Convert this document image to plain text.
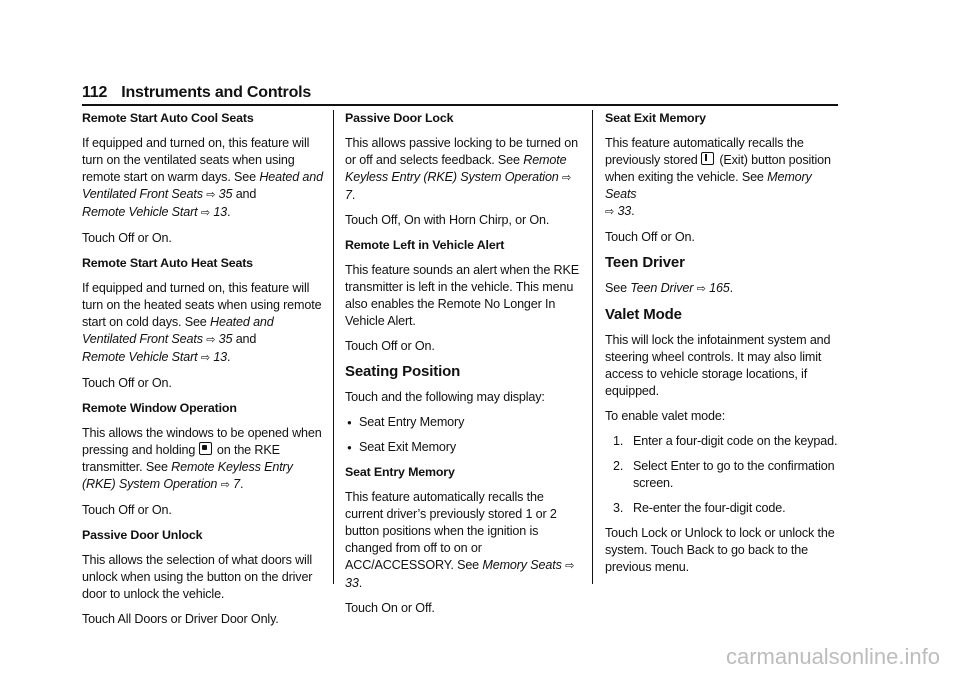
112 Instruments and Controls

Remote Start Auto Cool Seats

If equipped and turned on, this feature will turn on the ventilated seats when using remote start on warm days. See Heated and Ventilated Front Seats ⇨ 35 and
Remote Vehicle Start ⇨ 13.

Touch Off or On.

Remote Start Auto Heat Seats

If equipped and turned on, this feature will turn on the heated seats when using remote start on cold days. See Heated and Ventilated Front Seats ⇨ 35 and
Remote Vehicle Start ⇨ 13.

Touch Off or On.

Remote Window Operation

This allows the windows to be opened when pressing and holding  on the RKE transmitter. See Remote Keyless Entry (RKE) System Operation ⇨ 7.

Touch Off or On.

Passive Door Unlock

This allows the selection of what doors will unlock when using the button on the driver door to unlock the vehicle.

Touch All Doors or Driver Door Only.

Passive Door Lock

This allows passive locking to be turned on or off and selects feedback. See Remote Keyless Entry (RKE) System Operation ⇨ 7.

Touch Off, On with Horn Chirp, or On.

Remote Left in Vehicle Alert

This feature sounds an alert when the RKE transmitter is left in the vehicle. This menu also enables the Remote No Longer In Vehicle Alert.

Touch Off or On.

Seating Position

Touch and the following may display:

● Seat Entry Memory

● Seat Exit Memory

Seat Entry Memory

This feature automatically recalls the current driver’s previously stored 1 or 2 button positions when the ignition is changed from off to on or ACC/ACCESSORY. See Memory Seats ⇨ 33.

Touch On or Off.

Seat Exit Memory

This feature automatically recalls the previously stored  (Exit) button position when exiting the vehicle. See Memory Seats
⇨ 33.

Touch Off or On.

Teen Driver

See Teen Driver ⇨ 165.

Valet Mode

This will lock the infotainment system and steering wheel controls. It may also limit access to vehicle storage locations, if equipped.

To enable valet mode:

1. Enter a four-digit code on the keypad.

2. Select Enter to go to the confirmation screen.

3. Re-enter the four-digit code.

Touch Lock or Unlock to lock or unlock the system. Touch Back to go back to the previous menu.

carmanualsonline.info
